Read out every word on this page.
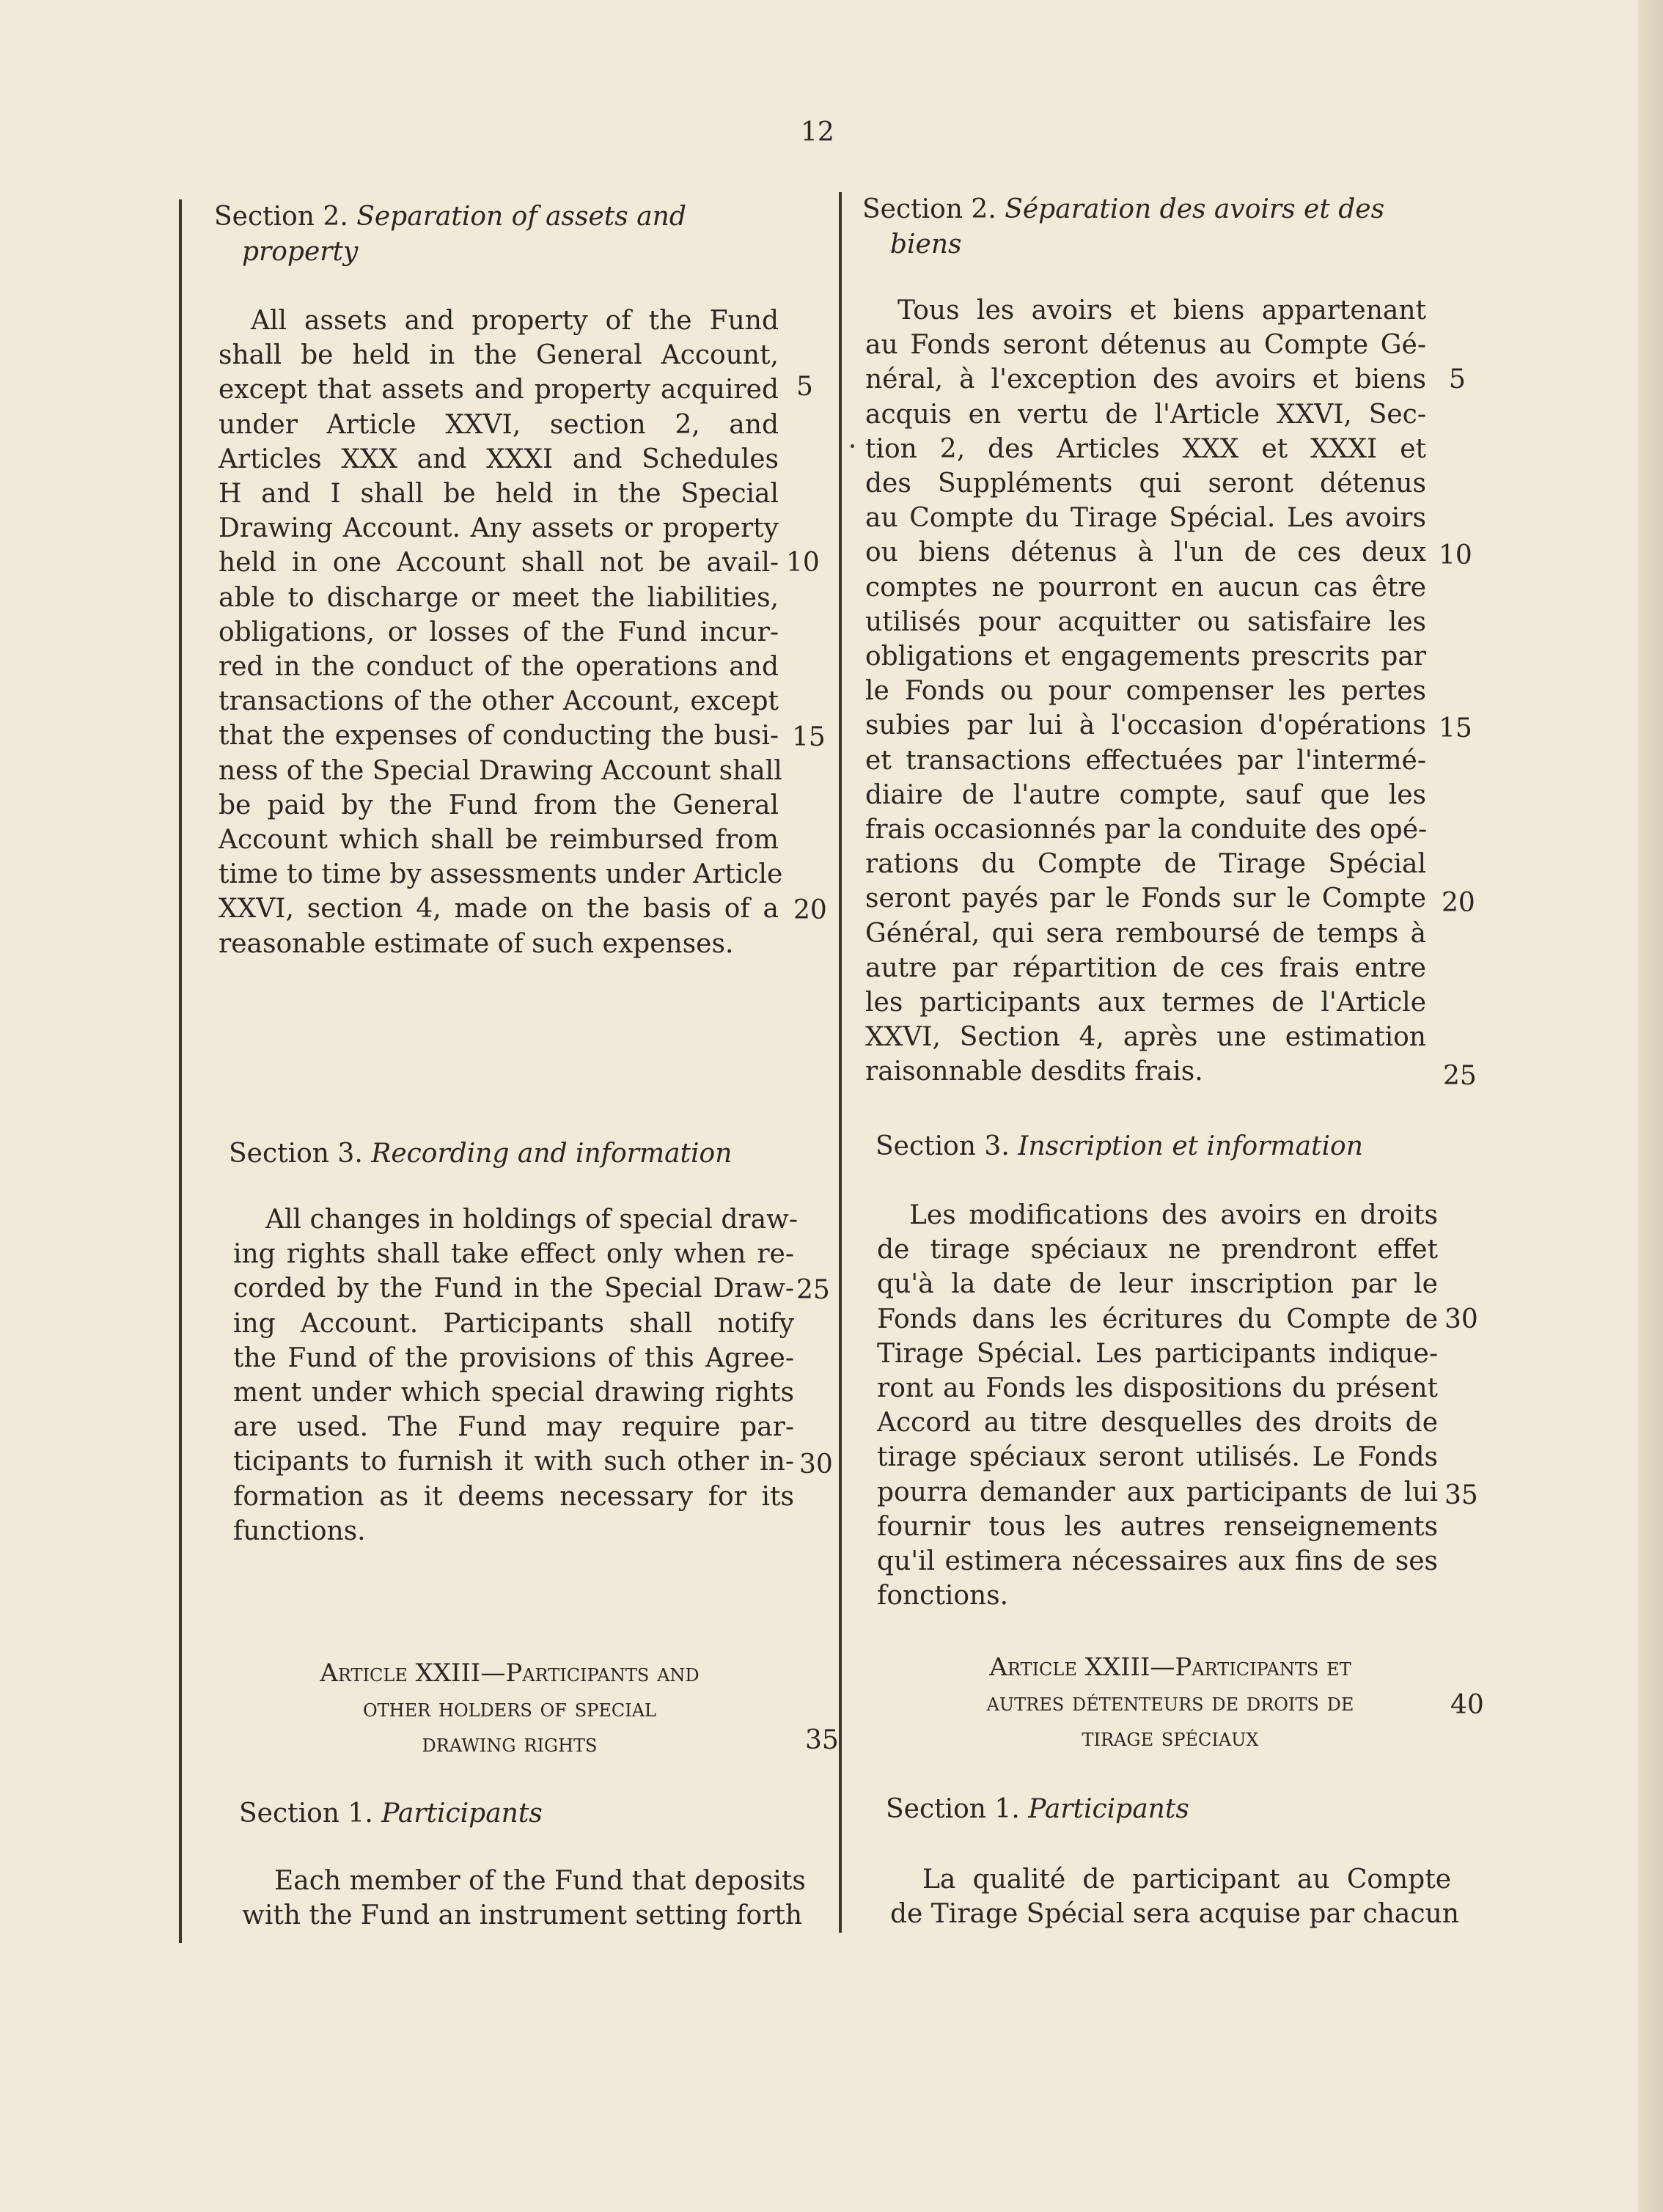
12

Section 2. Separation of assets and
property

All assets and property of the Fund
shall be held in the General Account,
except that assets and property acquired
under Article XXVI, section 2, and
Articles XXX and XXXI and Schedules
H and I shall be held in the Special
Drawing Account. Any assets or property
held in one Account shall not be avail-
able to discharge or meet the liabilities,
obligations, or losses of the Fund incur-
red in the conduct of the operations and
transactions of the other Account, except
that the expenses of conducting the busi-
ness of the Special Drawing Account shall
be paid by the Fund from the General
Account which shall be reimbursed from
time to time by assessments under Article
XXVI, section 4, made on the basis of a
reasonable estimate of such expenses.

Section 3. Recording and information

All changes in holdings of special draw-
ing rights shall take effect only when re-
corded by the Fund in the Special Draw-
ing Account. Participants shall notify
the Fund of the provisions of this Agree-
ment under which special drawing rights
are used. The Fund may require par-
ticipants to furnish it with such other in-
formation as it deems necessary for its
functions.
Article XXIII—Participants and
other holders of special
drawing rights

Section 1. Participants

Each member of the Fund that deposits
with the Fund an instrument setting forth
5
10
15
20
25
30
35

Section 2. Séparation des avoirs et des
biens

Tous les avoirs et biens appartenant
au Fonds seront détenus au Compte Gé-
néral, à l'exception des avoirs et biens
acquis en vertu de l'Article XXVI, Sec-
tion 2, des Articles XXX et XXXI et
des Suppléments qui seront détenus
au Compte du Tirage Spécial. Les avoirs
ou biens détenus à l'un de ces deux
comptes ne pourront en aucun cas être
utilisés pour acquitter ou satisfaire les
obligations et engagements prescrits par
le Fonds ou pour compenser les pertes
subies par lui à l'occasion d'opérations
et transactions effectuées par l'intermé-
diaire de l'autre compte, sauf que les
frais occasionnés par la conduite des opé-
rations du Compte de Tirage Spécial
seront payés par le Fonds sur le Compte
Général, qui sera remboursé de temps à
autre par répartition de ces frais entre
les participants aux termes de l'Article
XXVI, Section 4, après une estimation
raisonnable desdits frais.

Section 3. Inscription et information

Les modifications des avoirs en droits
de tirage spéciaux ne prendront effet
qu'à la date de leur inscription par le
Fonds dans les écritures du Compte de
Tirage Spécial. Les participants indique-
ront au Fonds les dispositions du présent
Accord au titre desquelles des droits de
tirage spéciaux seront utilisés. Le Fonds
pourra demander aux participants de lui
fournir tous les autres renseignements
qu'il estimera nécessaires aux fins de ses
fonctions.
Article XXIII—Participants et
autres détenteurs de droits de
tirage spéciaux

Section 1. Participants

La qualité de participant au Compte
de Tirage Spécial sera acquise par chacun
5
10
15
20
25
30
35
40
